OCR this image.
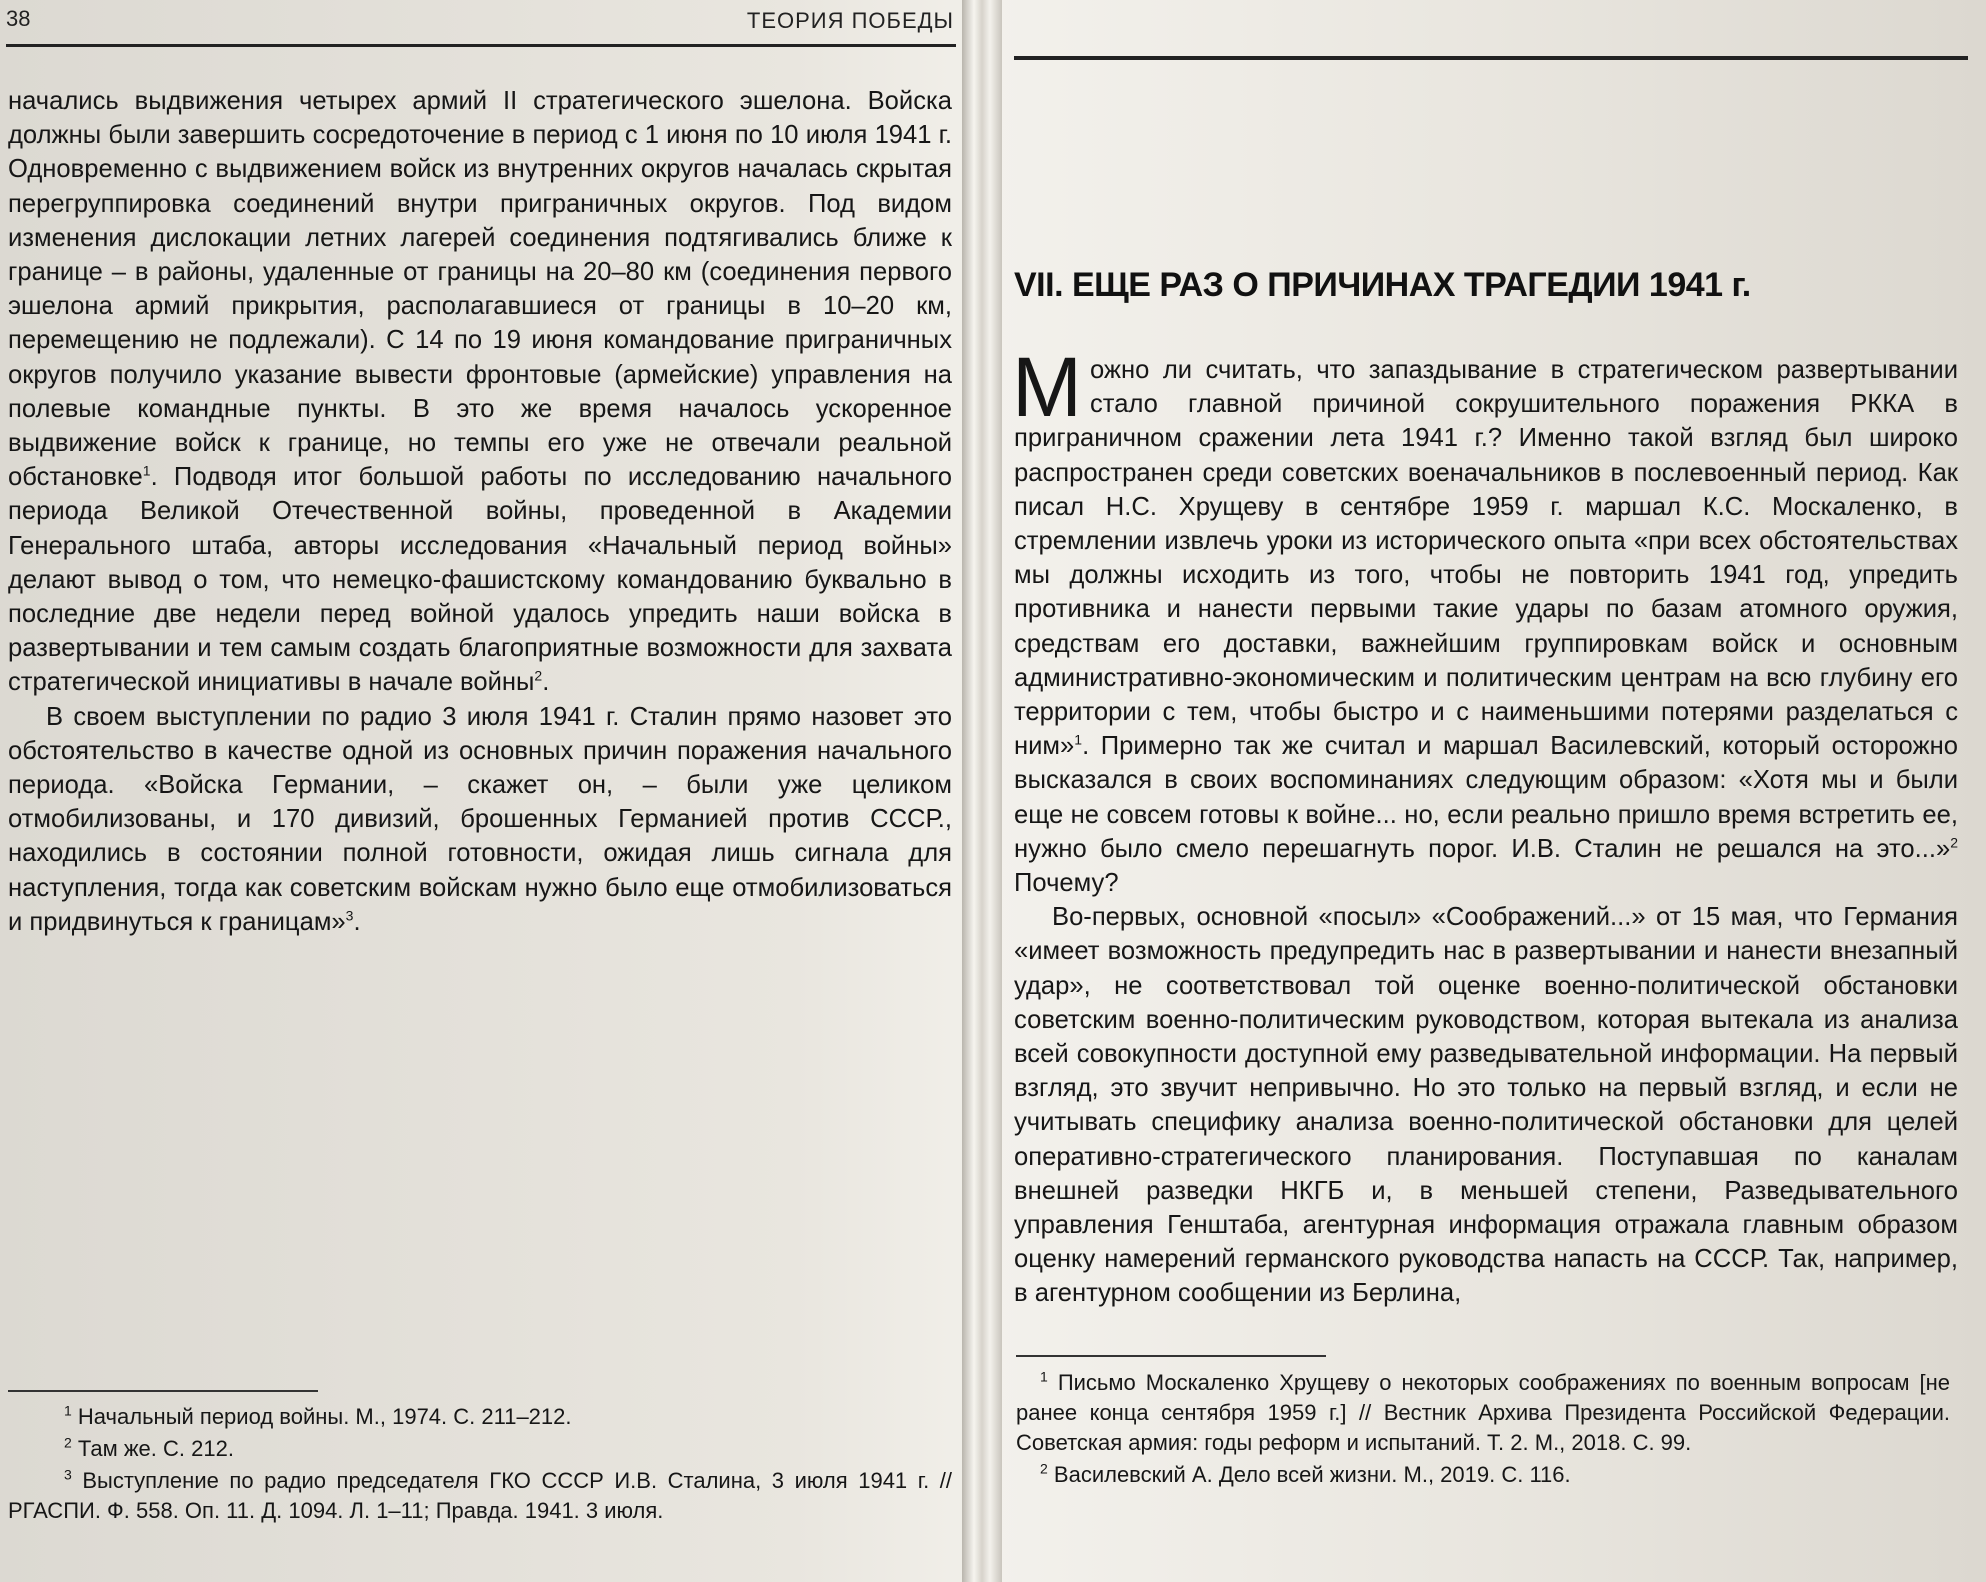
38	ТЕОРИЯ ПОБЕДЫ

начались выдвижения четырех армий II стратегического эшелона. Войска должны были завершить сосредоточение в период с 1 июня по 10 июля 1941 г. Одновременно с выдвижением войск из внутренних округов началась скрытая перегруппировка соединений внутри приграничных округов. Под видом изменения дислокации летних лагерей соединения подтягивались ближе к границе – в районы, удаленные от границы на 20–80 км (соединения первого эшелона армий прикрытия, располагавшиеся от границы в 10–20 км, перемещению не подлежали). С 14 по 19 июня командование приграничных округов получило указание вывести фронтовые (армейские) управления на полевые командные пункты. В это же время началось ускоренное выдвижение войск к границе, но темпы его уже не отвечали реальной обстановке$^1$. Подводя итог большой работы по исследованию начального периода Великой Отечественной войны, проведенной в Академии Генерального штаба, авторы исследования «Начальный период войны» делают вывод о том, что немецко-фашистскому командованию буквально в последние две недели перед войной удалось упредить наши войска в развертывании и тем самым создать благоприятные возможности для захвата стратегической инициативы в начале войны$^2$.

В своем выступлении по радио 3 июля 1941 г. Сталин прямо назовет это обстоятельство в качестве одной из основных причин поражения начального периода. «Войска Германии, – скажет он, – были уже целиком отмобилизованы, и 170 дивизий, брошенных Германией против СССР., находились в состоянии полной готовности, ожидая лишь сигнала для наступления, тогда как советским войскам нужно было еще отмобилизоваться и придвинуться к границам»$^3$.

$^1$ Начальный период войны. М., 1974. С. 211–212.

$^2$ Там же. С. 212.

$^3$ Выступление по радио председателя ГКО СССР И.В. Сталина, 3 июля 1941 г. // РГАСПИ. Ф. 558. Оп. 11. Д. 1094. Л. 1–11; Правда. 1941. 3 июля.

VII. ЕЩЕ РАЗ О ПРИЧИНАХ ТРАГЕДИИ 1941 г.

Можно ли считать, что запаздывание в стратегическом развертывании стало главной причиной сокрушительного поражения РККА в приграничном сражении лета 1941 г.? Именно такой взгляд был широко распространен среди советских военачальников в послевоенный период. Как писал Н.С. Хрущеву в сентябре 1959 г. маршал К.С. Москаленко, в стремлении извлечь уроки из исторического опыта «при всех обстоятельствах мы должны исходить из того, чтобы не повторить 1941 год, упредить противника и нанести первыми такие удары по базам атомного оружия, средствам его доставки, важнейшим группировкам войск и основным административно-экономическим и политическим центрам на всю глубину его территории с тем, чтобы быстро и с наименьшими потерями разделаться с ним»$^1$. Примерно так же считал и маршал Василевский, который осторожно высказался в своих воспоминаниях следующим образом: «Хотя мы и были еще не совсем готовы к войне... но, если реально пришло время встретить ее, нужно было смело перешагнуть порог. И.В. Сталин не решался на это...»$^2$ Почему?

Во-первых, основной «посыл» «Соображений...» от 15 мая, что Германия «имеет возможность предупредить нас в развертывании и нанести внезапный удар», не соответствовал той оценке военно-политической обстановки советским военно-политическим руководством, которая вытекала из анализа всей совокупности доступной ему разведывательной информации. На первый взгляд, это звучит непривычно. Но это только на первый взгляд, и если не учитывать специфику анализа военно-политической обстановки для целей оперативно-стратегического планирования. Поступавшая по каналам внешней разведки НКГБ и, в меньшей степени, Разведывательного управления Генштаба, агентурная информация отражала главным образом оценку намерений германского руководства напасть на СССР. Так, например, в агентурном сообщении из Берлина,

$^1$ Письмо Москаленко Хрущеву о некоторых соображениях по военным вопросам [не ранее конца сентября 1959 г.] // Вестник Архива Президента Российской Федерации. Советская армия: годы реформ и испытаний. Т. 2. М., 2018. С. 99.

$^2$ Василевский А. Дело всей жизни. М., 2019. С. 116.
